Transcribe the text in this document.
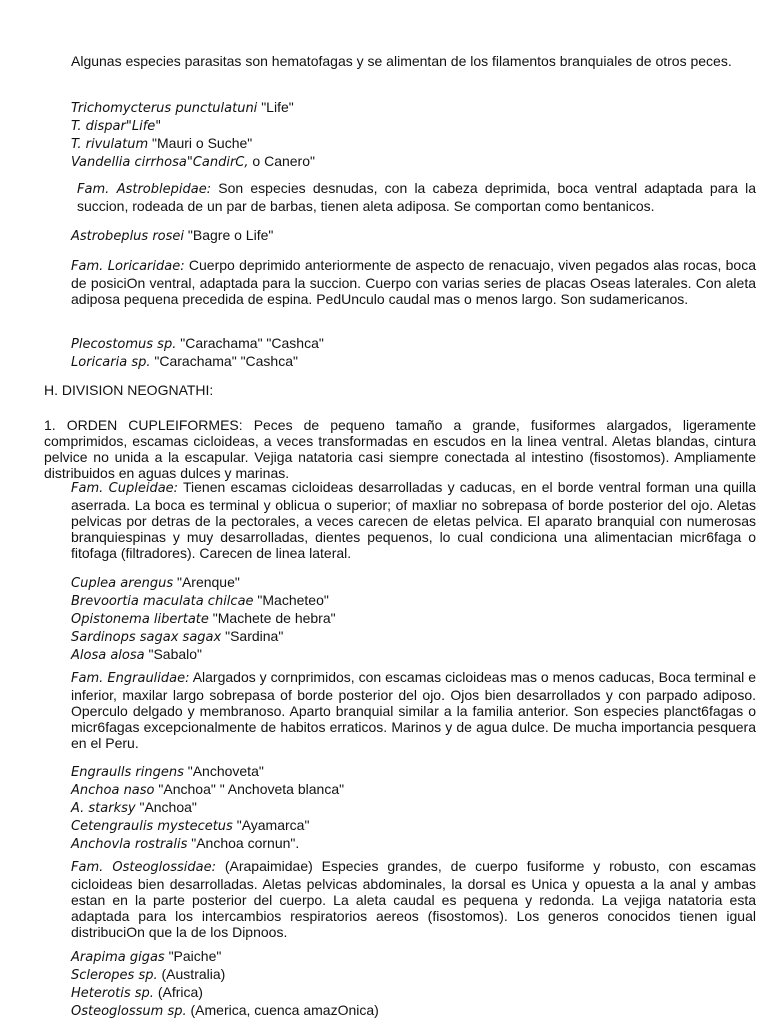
Algunas especies parasitas son hematofagas y se alimentan de los filamentos branquiales de otros peces.

Trichomycterus punctulatuni "Life"
T. dispar"Life"
T. rivulatum "Mauri o Suche"
Vandellia cirrhosa"CandirC, o Canero"

Fam. Astroblepidae: Son especies desnudas, con la cabeza deprimida, boca ventral adaptada para la succion, rodeada de un par de barbas, tienen aleta adiposa. Se comportan como bentanicos.

Astrobeplus rosei "Bagre o Life"

Fam. Loricaridae: Cuerpo deprimido anteriormente de aspecto de renacuajo, viven pegados alas rocas, boca de posiciOn ventral, adaptada para la succion. Cuerpo con varias series de placas Oseas laterales. Con aleta adiposa pequena precedida de espina. PedUnculo caudal mas o menos largo. Son sudamericanos.

Plecostomus sp. "Carachama" "Cashca"
Loricaria sp. "Carachama" "Cashca"
H. DIVISION NEOGNATHI:

1. ORDEN CUPLEIFORMES: Peces de pequeno tamaño a grande, fusiformes alargados, ligeramente comprimidos, escamas cicloideas, a veces transformadas en escudos en la linea ventral. Aletas blandas, cintura pelvice no unida a la escapular. Vejiga natatoria casi siempre conectada al intestino (fisostomos). Ampliamente distribuidos en aguas dulces y marinas.

Fam. Cupleidae: Tienen escamas cicloideas desarrolladas y caducas, en el borde ventral forman una quilla aserrada. La boca es terminal y oblicua o superior; of maxliar no sobrepasa of borde posterior del ojo. Aletas pelvicas por detras de la pectorales, a veces carecen de eletas pelvica. El aparato branquial con numerosas branquiespinas y muy desarrolladas, dientes pequenos, lo cual condiciona una alimentacian micr6faga o fitofaga (filtradores). Carecen de linea lateral.

Cuplea arengus "Arenque"
Brevoortia maculata chilcae "Macheteo"
Opistonema libertate "Machete de hebra"
Sardinops sagax sagax "Sardina"
Alosa alosa "Sabalo"

Fam. Engraulidae: Alargados y cornprimidos, con escamas cicloideas mas o menos caducas, Boca terminal e inferior, maxilar largo sobrepasa of borde posterior del ojo. Ojos bien desarrollados y con parpado adiposo. Operculo delgado y membranoso. Aparto branquial similar a la familia anterior. Son especies planct6fagas o micr6fagas excepcionalmente de habitos erraticos. Marinos y de agua dulce. De mucha importancia pesquera en el Peru.

Engraulls ringens "Anchoveta"
Anchoa naso "Anchoa" " Anchoveta blanca"
A. starksy "Anchoa"
Cetengraulis mystecetus "Ayamarca"
Anchovla rostralis "Anchoa cornun".

Fam. Osteoglossidae: (Arapaimidae) Especies grandes, de cuerpo fusiforme y robusto, con escamas cicloideas bien desarrolladas. Aletas pelvicas abdominales, la dorsal es Unica y opuesta a la anal y ambas estan en la parte posterior del cuerpo. La aleta caudal es pequena y redonda. La vejiga natatoria esta adaptada para los intercambios respiratorios aereos (fisostomos). Los generos conocidos tienen igual distribuciOn que la de los Dipnoos.

Arapima gigas "Paiche"
Scleropes sp. (Australia)
Heterotis sp. (Africa)
Osteoglossum sp. (America, cuenca amazOnica)
